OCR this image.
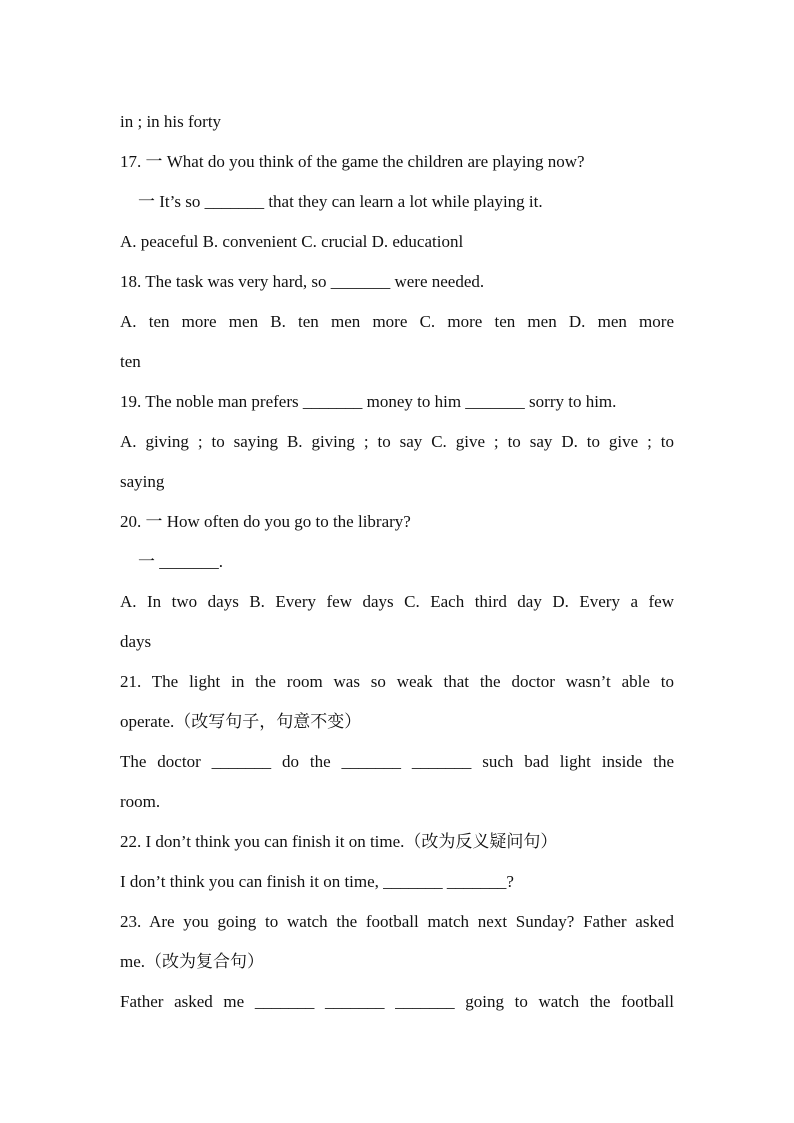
in ; in his forty
17. 一 What do you think of the game the children are playing now?
一 It’s so _______ that they can learn a lot while playing it.
A. peaceful B. convenient C. crucial D. educationl
18. The task was very hard, so _______ were needed.
A. ten more men B. ten men more C. more ten men D. men more
ten
19. The noble man prefers _______ money to him _______ sorry to him.
A. giving ; to saying B. giving ; to say C. give ; to say D. to give ; to
saying
20. 一 How often do you go to the library?
一 _______.
A. In two days B. Every few days C. Each third day D. Every a few
days
21. The light in the room was so weak that the doctor wasn’t able to
operate.（改写句子，句意不变）
The doctor _______ do the _______ _______ such bad light inside the
room.
22. I don’t think you can finish it on time.（改为反义疑问句）
I don’t think you can finish it on time, _______ _______?
23. Are you going to watch the football match next Sunday? Father asked
me.（改为复合句）
Father asked me _______ _______ _______ going to watch the football
